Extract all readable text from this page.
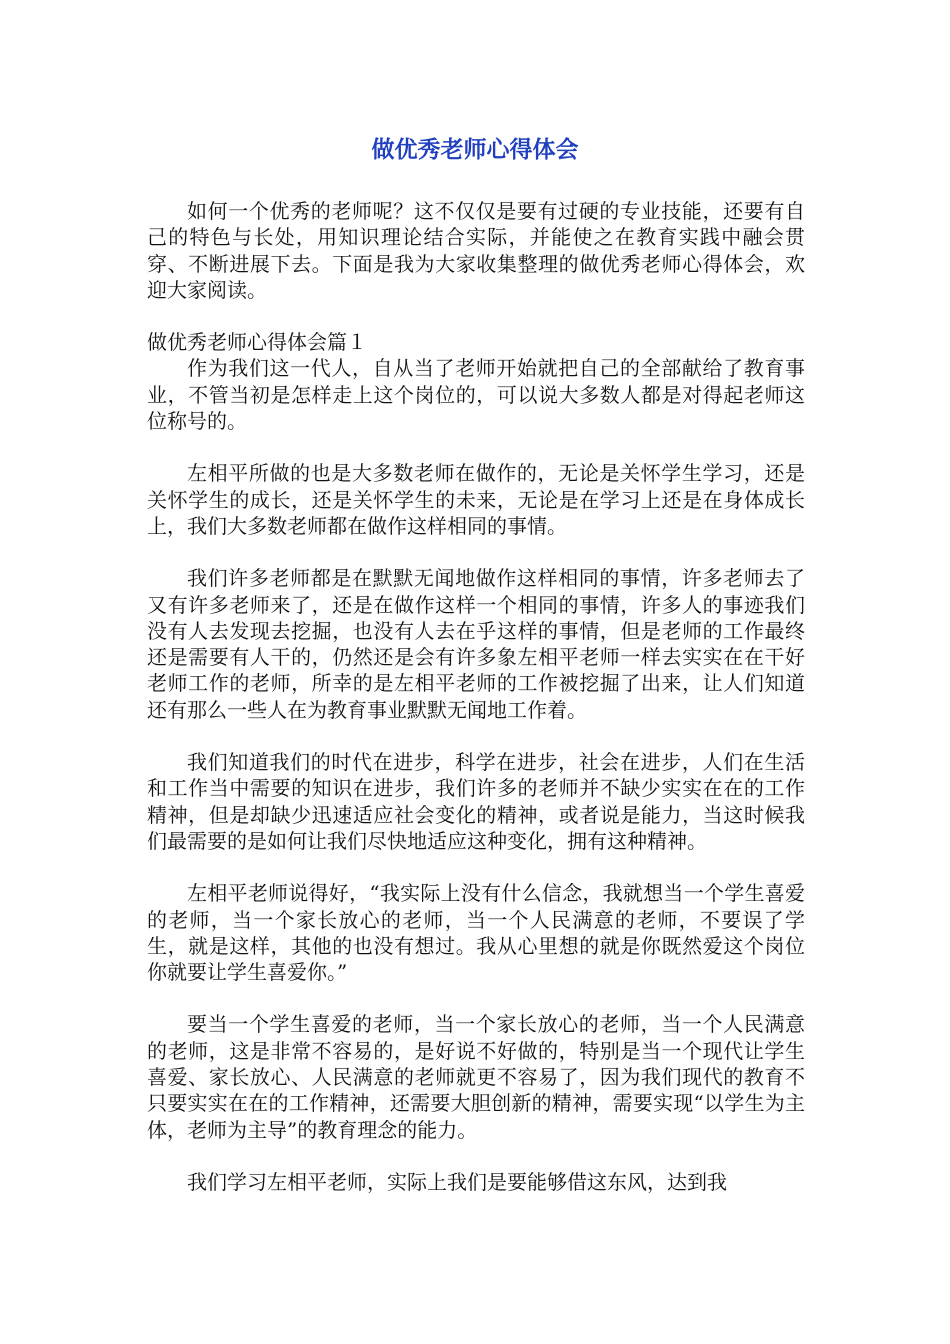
做优秀老师心得体会

如何一个优秀的老师呢？这不仅仅是要有过硬的专业技能，还要有自己的特色与长处，用知识理论结合实际，并能使之在教育实践中融会贯穿、不断进展下去。下面是我为大家收集整理的做优秀老师心得体会，欢迎大家阅读。

做优秀老师心得体会篇１

作为我们这一代人，自从当了老师开始就把自己的全部献给了教育事业，不管当初是怎样走上这个岗位的，可以说大多数人都是对得起老师这位称号的。

左相平所做的也是大多数老师在做作的，无论是关怀学生学习，还是关怀学生的成长，还是关怀学生的未来，无论是在学习上还是在身体成长上，我们大多数老师都在做作这样相同的事情。

我们许多老师都是在默默无闻地做作这样相同的事情，许多老师去了又有许多老师来了，还是在做作这样一个相同的事情，许多人的事迹我们没有人去发现去挖掘，也没有人去在乎这样的事情，但是老师的工作最终还是需要有人干的，仍然还是会有许多象左相平老师一样去实实在在干好老师工作的老师，所幸的是左相平老师的工作被挖掘了出来，让人们知道还有那么一些人在为教育事业默默无闻地工作着。

我们知道我们的时代在进步，科学在进步，社会在进步，人们在生活和工作当中需要的知识在进步，我们许多的老师并不缺少实实在在的工作精神，但是却缺少迅速适应社会变化的精神，或者说是能力，当这时候我们最需要的是如何让我们尽快地适应这种变化，拥有这种精神。

左相平老师说得好，“我实际上没有什么信念，我就想当一个学生喜爱的老师，当一个家长放心的老师，当一个人民满意的老师，不要误了学生，就是这样，其他的也没有想过。我从心里想的就是你既然爱这个岗位你就要让学生喜爱你。”

要当一个学生喜爱的老师，当一个家长放心的老师，当一个人民满意的老师，这是非常不容易的，是好说不好做的，特别是当一个现代让学生喜爱、家长放心、人民满意的老师就更不容易了，因为我们现代的教育不只要实实在在的工作精神，还需要大胆创新的精神，需要实现“以学生为主体，老师为主导”的教育理念的能力。

我们学习左相平老师，实际上我们是要能够借这东风，达到我
